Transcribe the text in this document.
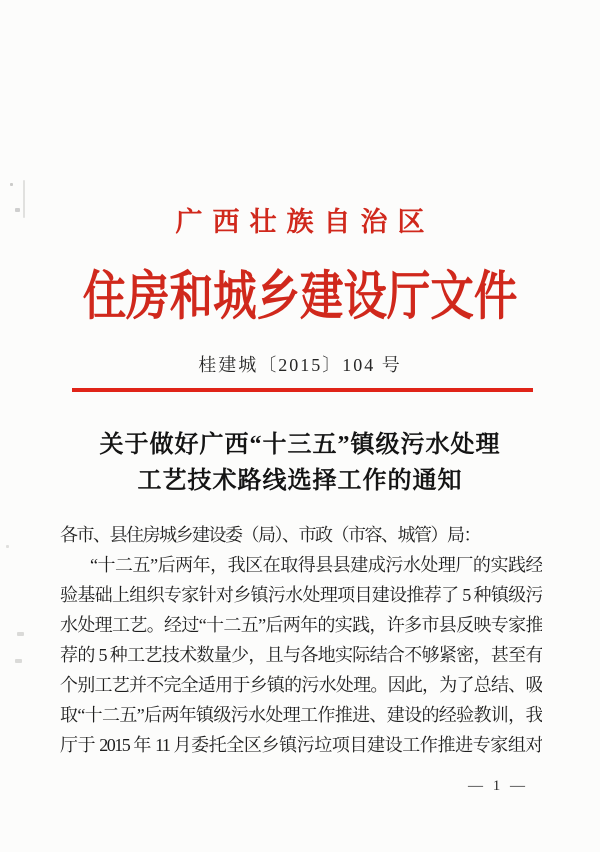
广西壮族自治区
住房和城乡建设厅文件
桂建城〔2015〕104 号
关于做好广西“十三五”镇级污水处理
工艺技术路线选择工作的通知
各市、县住房城乡建设委（局）、市政（市容、城管）局：
“十二五”后两年，我区在取得县县建成污水处理厂的实践经
验基础上组织专家针对乡镇污水处理项目建设推荐了 5 种镇级污
水处理工艺。经过“十二五”后两年的实践，许多市县反映专家推
荐的 5 种工艺技术数量少，且与各地实际结合不够紧密，甚至有
个别工艺并不完全适用于乡镇的污水处理。因此，为了总结、吸
取“十二五”后两年镇级污水处理工作推进、建设的经验教训，我
厅于 2015 年 11 月委托全区乡镇污垃项目建设工作推进专家组对
— 1 —
